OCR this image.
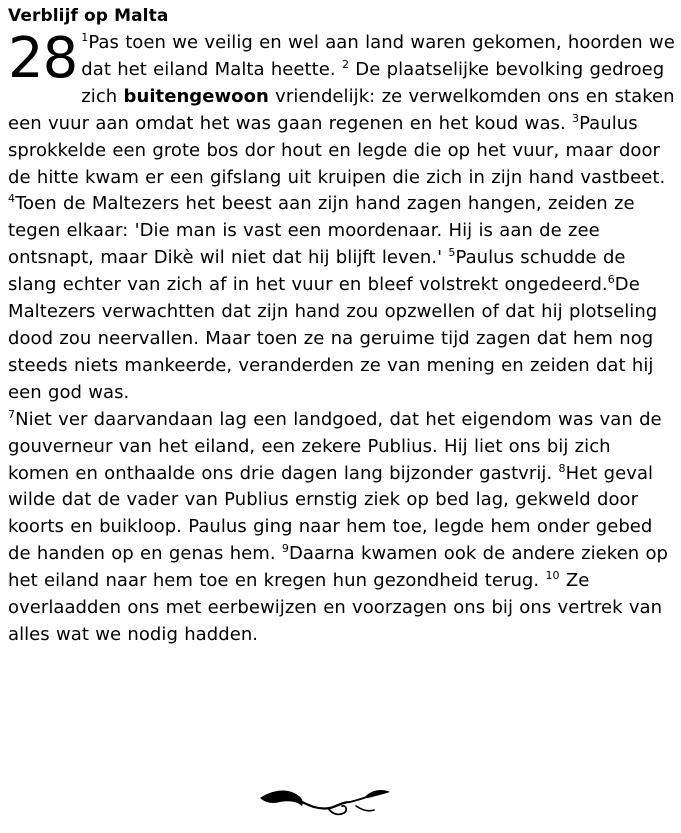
Verblijf op Malta

28 $^1$Pas toen we veilig en wel aan land waren gekomen, hoorden we dat het eiland Malta heette. $^2$ De plaatselijke bevolking gedroeg zich buitengewoon vriendelijk: ze verwelkomden ons en staken een vuur aan omdat het was gaan regenen en het koud was. $^3$Paulus sprokkelde een grote bos dor hout en legde die op het vuur, maar door de hitte kwam er een gifslang uit kruipen die zich in zijn hand vastbeet. $^4$Toen de Maltezers het beest aan zijn hand zagen hangen, zeiden ze tegen elkaar: 'Die man is vast een moordenaar. Hij is aan de zee ontsnapt, maar Dikè wil niet dat hij blijft leven.' $^5$Paulus schudde de slang echter van zich af in het vuur en bleef volstrekt ongedeerd.$^6$De Maltezers verwachtten dat zijn hand zou opzwellen of dat hij plotseling dood zou neervallen. Maar toen ze na geruime tijd zagen dat hem nog steeds niets mankeerde, veranderden ze van mening en zeiden dat hij een god was.

$^7$Niet ver daarvandaan lag een landgoed, dat het eigendom was van de gouverneur van het eiland, een zekere Publius. Hij liet ons bij zich komen en onthaalde ons drie dagen lang bijzonder gastvrij. $^8$Het geval wilde dat de vader van Publius ernstig ziek op bed lag, gekweld door koorts en buikloop. Paulus ging naar hem toe, legde hem onder gebed de handen op en genas hem. $^9$Daarna kwamen ook de andere zieken op het eiland naar hem toe en kregen hun gezondheid terug. $^{10}$ Ze overlaadden ons met eerbewijzen en voorzagen ons bij ons vertrek van alles wat we nodig hadden.
